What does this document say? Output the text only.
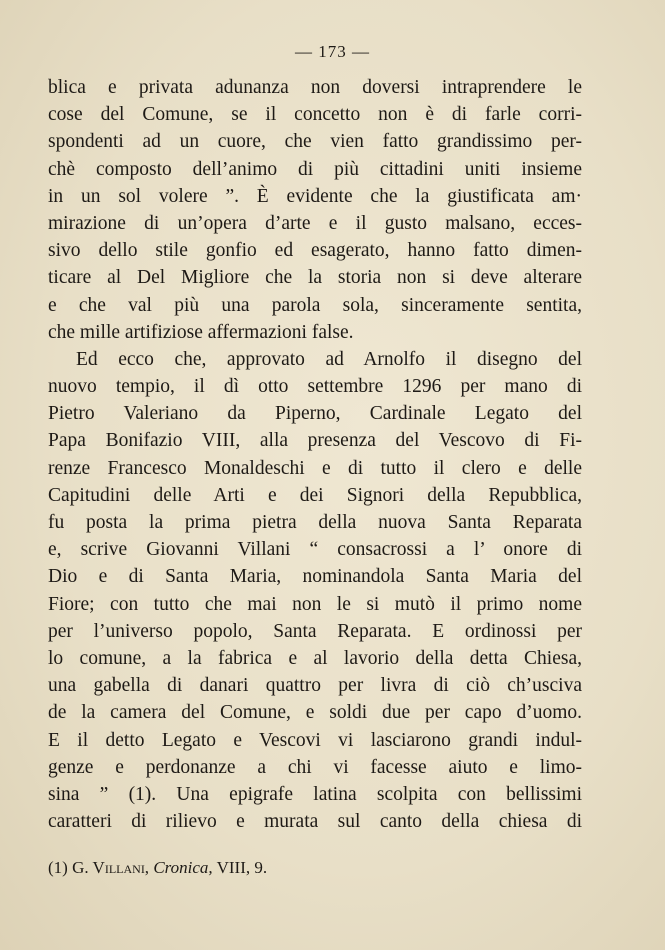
— 173 —
blica e privata adunanza non doversi intraprendere le
cose del Comune, se il concetto non è di farle corri-
spondenti ad un cuore, che vien fatto grandissimo per-
chè composto dell’animo di più cittadini uniti insieme
in un sol volere ”. È evidente che la giustificata am·
mirazione di un’opera d’arte e il gusto malsano, ecces-
sivo dello stile gonfio ed esagerato, hanno fatto dimen-
ticare al Del Migliore che la storia non si deve alterare
e che val più una parola sola, sinceramente sentita,
che mille artifiziose affermazioni false.
Ed ecco che, approvato ad Arnolfo il disegno del
nuovo tempio, il dì otto settembre 1296 per mano di
Pietro Valeriano da Piperno, Cardinale Legato del
Papa Bonifazio VIII, alla presenza del Vescovo di Fi-
renze Francesco Monaldeschi e di tutto il clero e delle
Capitudini delle Arti e dei Signori della Repubblica,
fu posta la prima pietra della nuova Santa Reparata
e, scrive Giovanni Villani “ consacrossi a l’ onore di
Dio e di Santa Maria, nominandola Santa Maria del
Fiore; con tutto che mai non le si mutò il primo nome
per l’universo popolo, Santa Reparata. E ordinossi per
lo comune, a la fabrica e al lavorio della detta Chiesa,
una gabella di danari quattro per livra di ciò ch’usciva
de la camera del Comune, e soldi due per capo d’uomo.
E il detto Legato e Vescovi vi lasciarono grandi indul-
genze e perdonanze a chi vi facesse aiuto e limo-
sina ” (1). Una epigrafe latina scolpita con bellissimi
caratteri di rilievo e murata sul canto della chiesa di
(1) G. Villani, Cronica, VIII, 9.
